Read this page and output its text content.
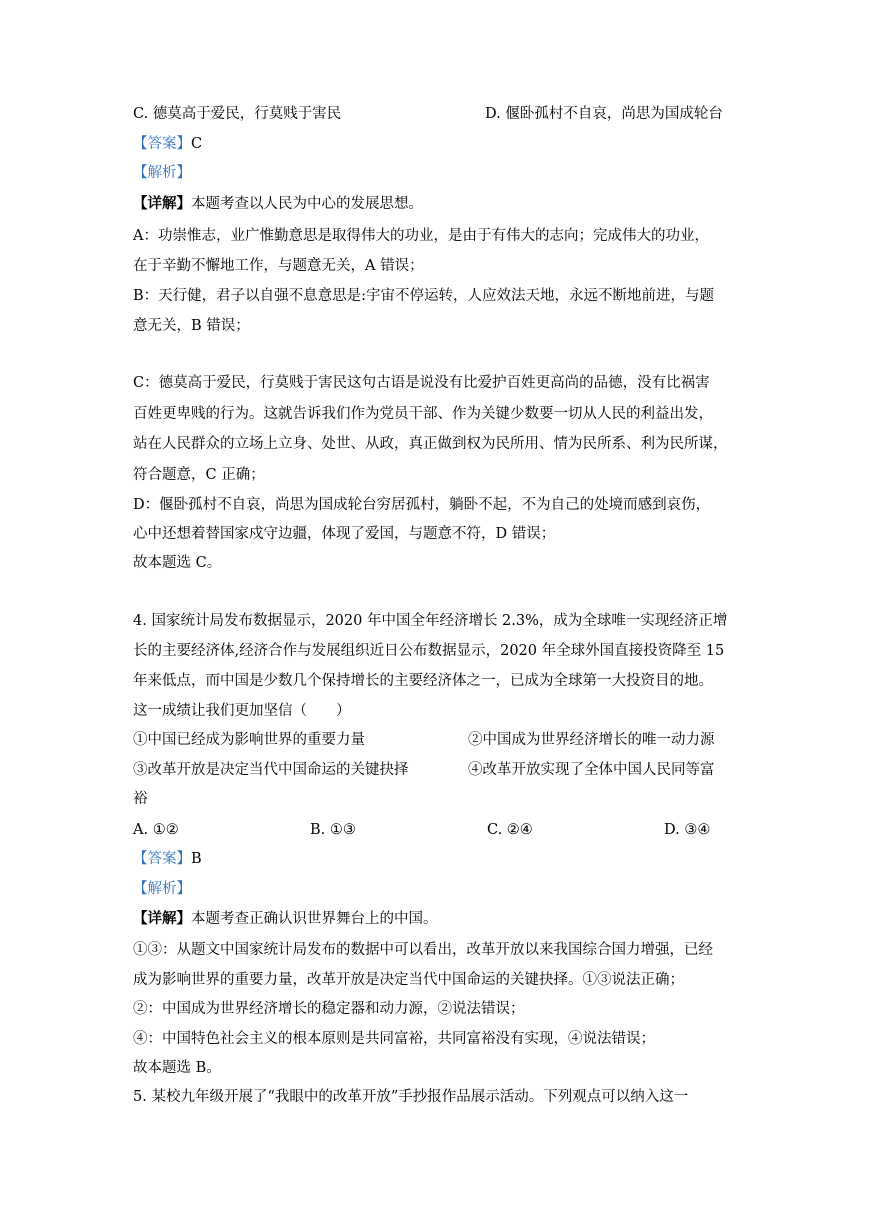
C. 德莫高于爱民，行莫贱于害民	D. 偃卧孤村不自哀，尚思为国成轮台
【答案】C
【解析】
【详解】本题考查以人民为中心的发展思想。
A：功崇惟志，业广惟勤意思是取得伟大的功业，是由于有伟大的志向；完成伟大的功业，
在于辛勤不懈地工作，与题意无关，A 错误；
B：天行健，君子以自强不息意思是:宇宙不停运转，人应效法天地，永远不断地前进，与题
意无关，B 错误；
C：德莫高于爱民，行莫贱于害民这句古语是说没有比爱护百姓更高尚的品德，没有比祸害
百姓更卑贱的行为。这就告诉我们作为党员干部、作为关键少数要一切从人民的利益出发，
站在人民群众的立场上立身、处世、从政，真正做到权为民所用、情为民所系、利为民所谋，
符合题意，C 正确；
D：偃卧孤村不自哀，尚思为国成轮台穷居孤村，躺卧不起，不为自己的处境而感到哀伤，
心中还想着替国家戍守边疆，体现了爱国，与题意不符，D 错误；
故本题选 C。
4. 国家统计局发布数据显示，2020 年中国全年经济增长 2.3%，成为全球唯一实现经济正增
长的主要经济体,经济合作与发展组织近日公布数据显示，2020 年全球外国直接投资降至 15
年来低点，而中国是少数几个保持增长的主要经济体之一，已成为全球第一大投资目的地。
这一成绩让我们更加坚信（　　）
①中国已经成为影响世界的重要力量	②中国成为世界经济增长的唯一动力源
③改革开放是决定当代中国命运的关键抉择	④改革开放实现了全体中国人民同等富
裕
A. ①②	B. ①③	C. ②④	D. ③④
【答案】B
【解析】
【详解】本题考查正确认识世界舞台上的中国。
①③：从题文中国家统计局发布的数据中可以看出，改革开放以来我国综合国力增强，已经
成为影响世界的重要力量，改革开放是决定当代中国命运的关键抉择。①③说法正确；
②：中国成为世界经济增长的稳定器和动力源，②说法错误；
④：中国特色社会主义的根本原则是共同富裕，共同富裕没有实现，④说法错误；
故本题选 B。
5. 某校九年级开展了“我眼中的改革开放”手抄报作品展示活动。下列观点可以纳入这一
